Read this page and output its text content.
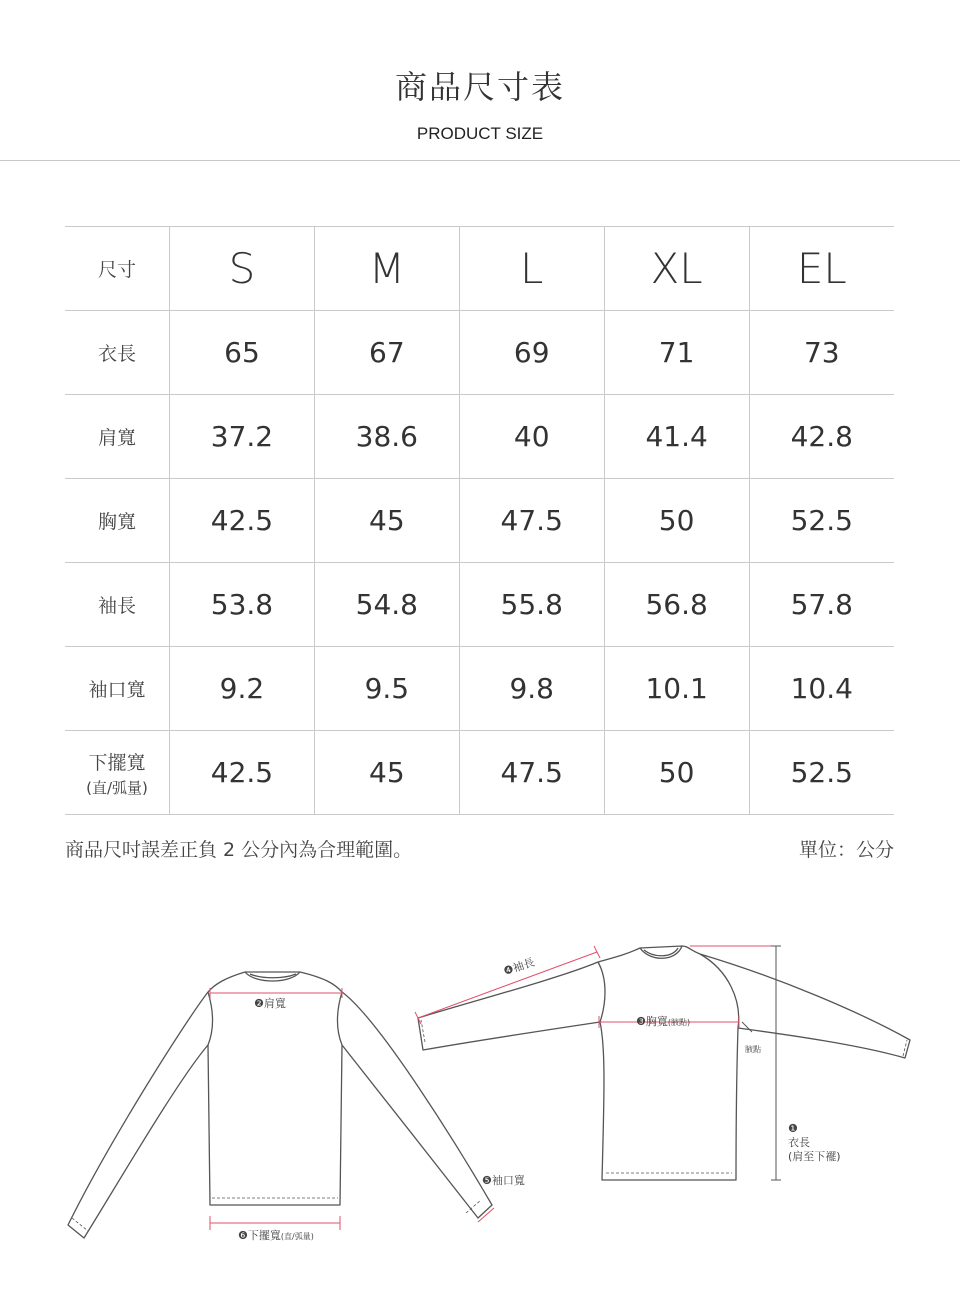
商品尺寸表
PRODUCT SIZE
尺寸	S	M	L	XL	EL
衣長	65	67	69	71	73
肩寬	37.2	38.6	40	41.4	42.8
胸寬	42.5	45	47.5	50	52.5
袖長	53.8	54.8	55.8	56.8	57.8
袖口寬	9.2	9.5	9.8	10.1	10.4
下擺寬
(直/弧量)	42.5	45	47.5	50	52.5
商品尺吋誤差正負 2 公分內為合理範圍。	單位：公分
❷肩寬
❻下擺寬(直/弧量)
❺袖口寬
❹袖長
❸胸寬(腋點)
腋點
❶
衣長
(肩至下襬)
